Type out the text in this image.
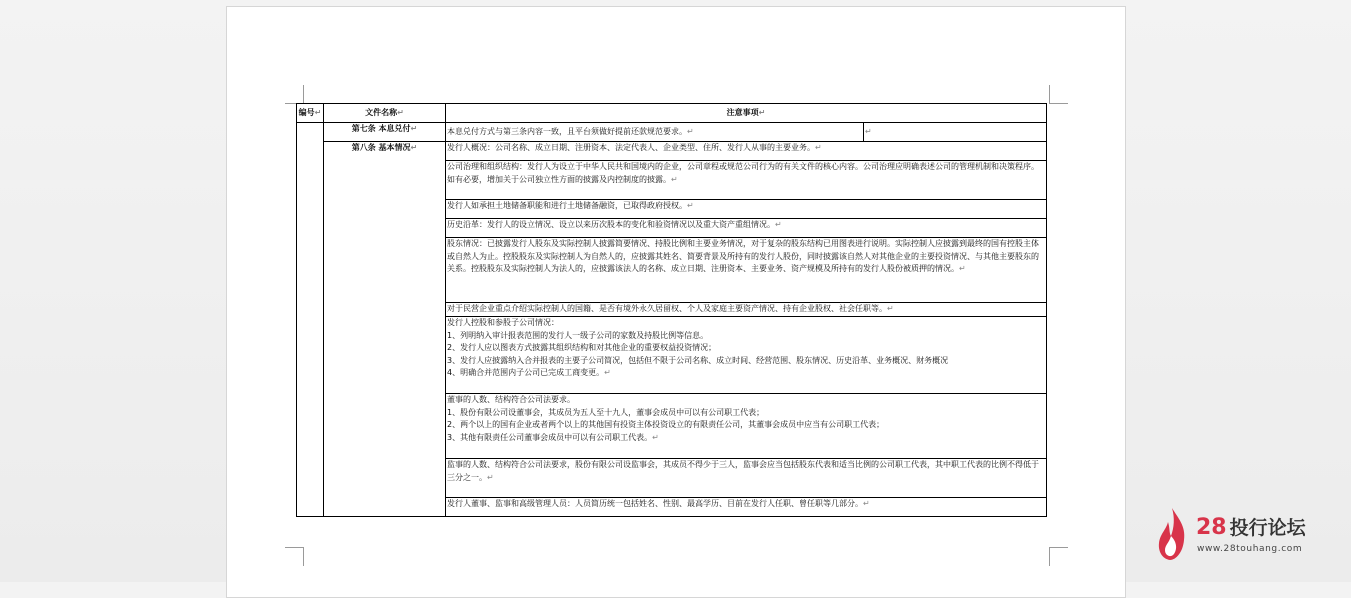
编号↵	文件名称↵	注意事项↵	
	第七条 本息兑付↵	本息兑付方式与第三条内容一致，且平台须做好提前还款规范要求。↵	↵
	第八条 基本情况↵	发行人概况：公司名称、成立日期、注册资本、法定代表人、企业类型、住所、发行人从事的主要业务。↵	
		公司治理和组织结构：发行人为设立于中华人民共和国境内的企业，公司章程或规范公司行为的有关文件的核心内容。公司治理应明确表述公司的管理机制和决策程序。如有必要，增加关于公司独立性方面的披露及内控制度的披露。↵	
		发行人如承担土地储备职能和进行土地储备融资，已取得政府授权。↵	
		历史沿革：发行人的设立情况、设立以来历次股本的变化和验资情况以及重大资产重组情况。↵	
		股东情况：已披露发行人股东及实际控制人披露简要情况、持股比例和主要业务情况，对于复杂的股东结构已用图表进行说明。实际控制人应披露到最终的国有控股主体或自然人为止。控股股东及实际控制人为自然人的，应披露其姓名、简要背景及所持有的发行人股份，同时披露该自然人对其他企业的主要投资情况、与其他主要股东的关系。控股股东及实际控制人为法人的，应披露该法人的名称、成立日期、注册资本、主要业务、资产规模及所持有的发行人股份被质押的情况。↵	
		对于民营企业重点介绍实际控制人的国籍、是否有境外永久居留权、个人及家庭主要资产情况、持有企业股权、社会任职等。↵	
		发行人控股和参股子公司情况：
1、列明纳入审计报表范围的发行人一级子公司的家数及持股比例等信息。
2、发行人应以图表方式披露其组织结构和对其他企业的重要权益投资情况；
3、发行人应披露纳入合并报表的主要子公司简况，包括但不限于公司名称、成立时间、经营范围、股东情况、历史沿革、业务概况、财务概况
4、明确合并范围内子公司已完成工商变更。↵	
		董事的人数、结构符合公司法要求。
1、股份有限公司设董事会，其成员为五人至十九人，董事会成员中可以有公司职工代表；
2、两个以上的国有企业或者两个以上的其他国有投资主体投资设立的有限责任公司，其董事会成员中应当有公司职工代表；
3、其他有限责任公司董事会成员中可以有公司职工代表。↵	
		监事的人数、结构符合公司法要求，股份有限公司设监事会，其成员不得少于三人，监事会应当包括股东代表和适当比例的公司职工代表，其中职工代表的比例不得低于三分之一。↵	
		发行人董事、监事和高级管理人员：人员简历统一包括姓名、性别、最高学历、目前在发行人任职、曾任职等几部分。↵	
28 投行论坛
www.28touhang.com
